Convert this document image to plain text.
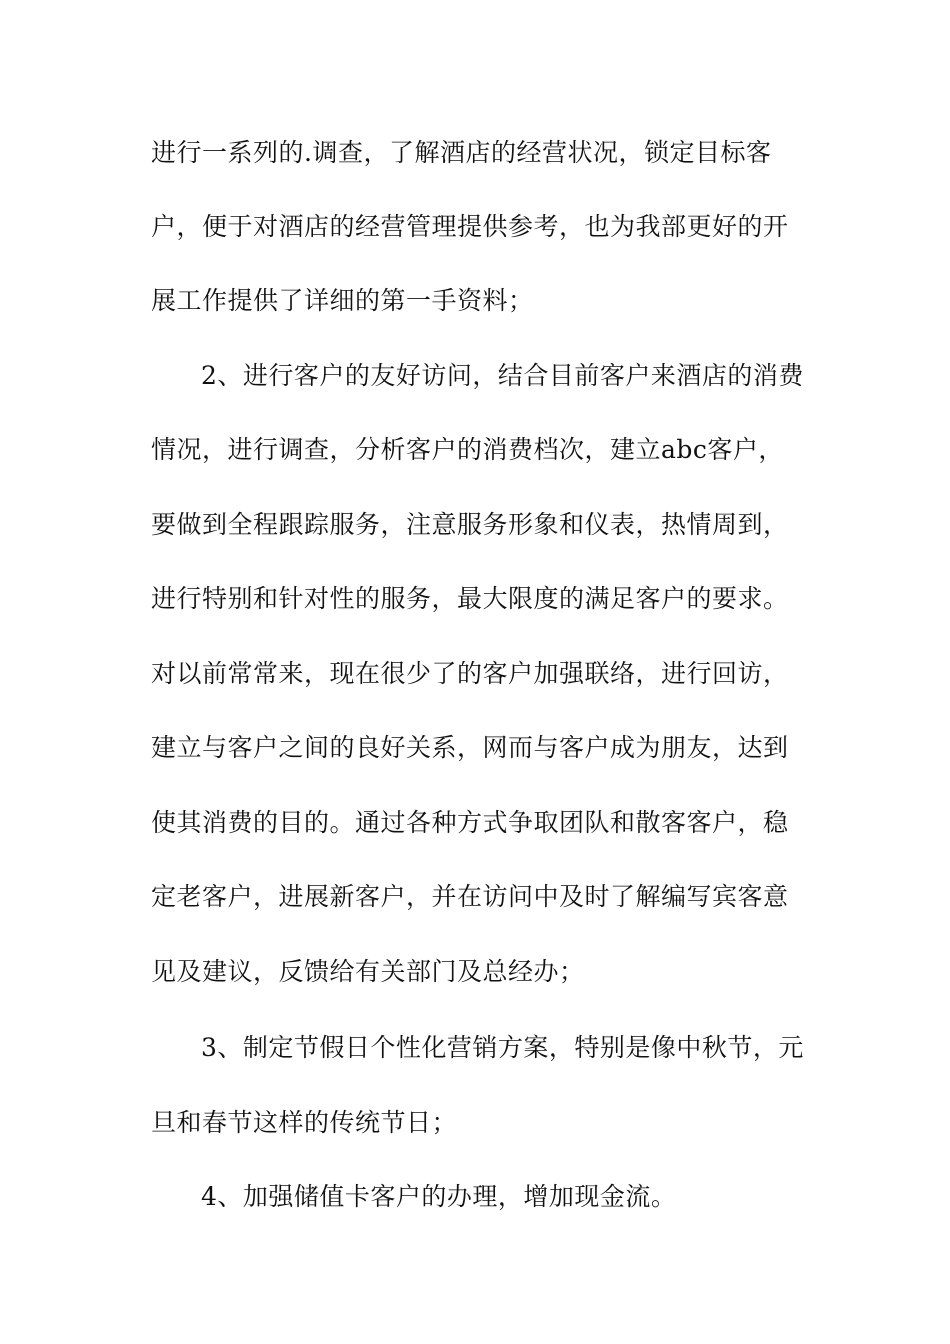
进行一系列的.调查，了解酒店的经营状况，锁定目标客
户，便于对酒店的经营管理提供参考，也为我部更好的开
展工作提供了详细的第一手资料；
2、进行客户的友好访问，结合目前客户来酒店的消费
情况，进行调查，分析客户的消费档次，建立abc客户，
要做到全程跟踪服务，注意服务形象和仪表，热情周到，
进行特别和针对性的服务，最大限度的满足客户的要求。
对以前常常来，现在很少了的客户加强联络，进行回访，
建立与客户之间的良好关系，网而与客户成为朋友，达到
使其消费的目的。通过各种方式争取团队和散客客户，稳
定老客户，进展新客户，并在访问中及时了解编写宾客意
见及建议，反馈给有关部门及总经办；
3、制定节假日个性化营销方案，特别是像中秋节，元
旦和春节这样的传统节日；
4、加强储值卡客户的办理，增加现金流。
